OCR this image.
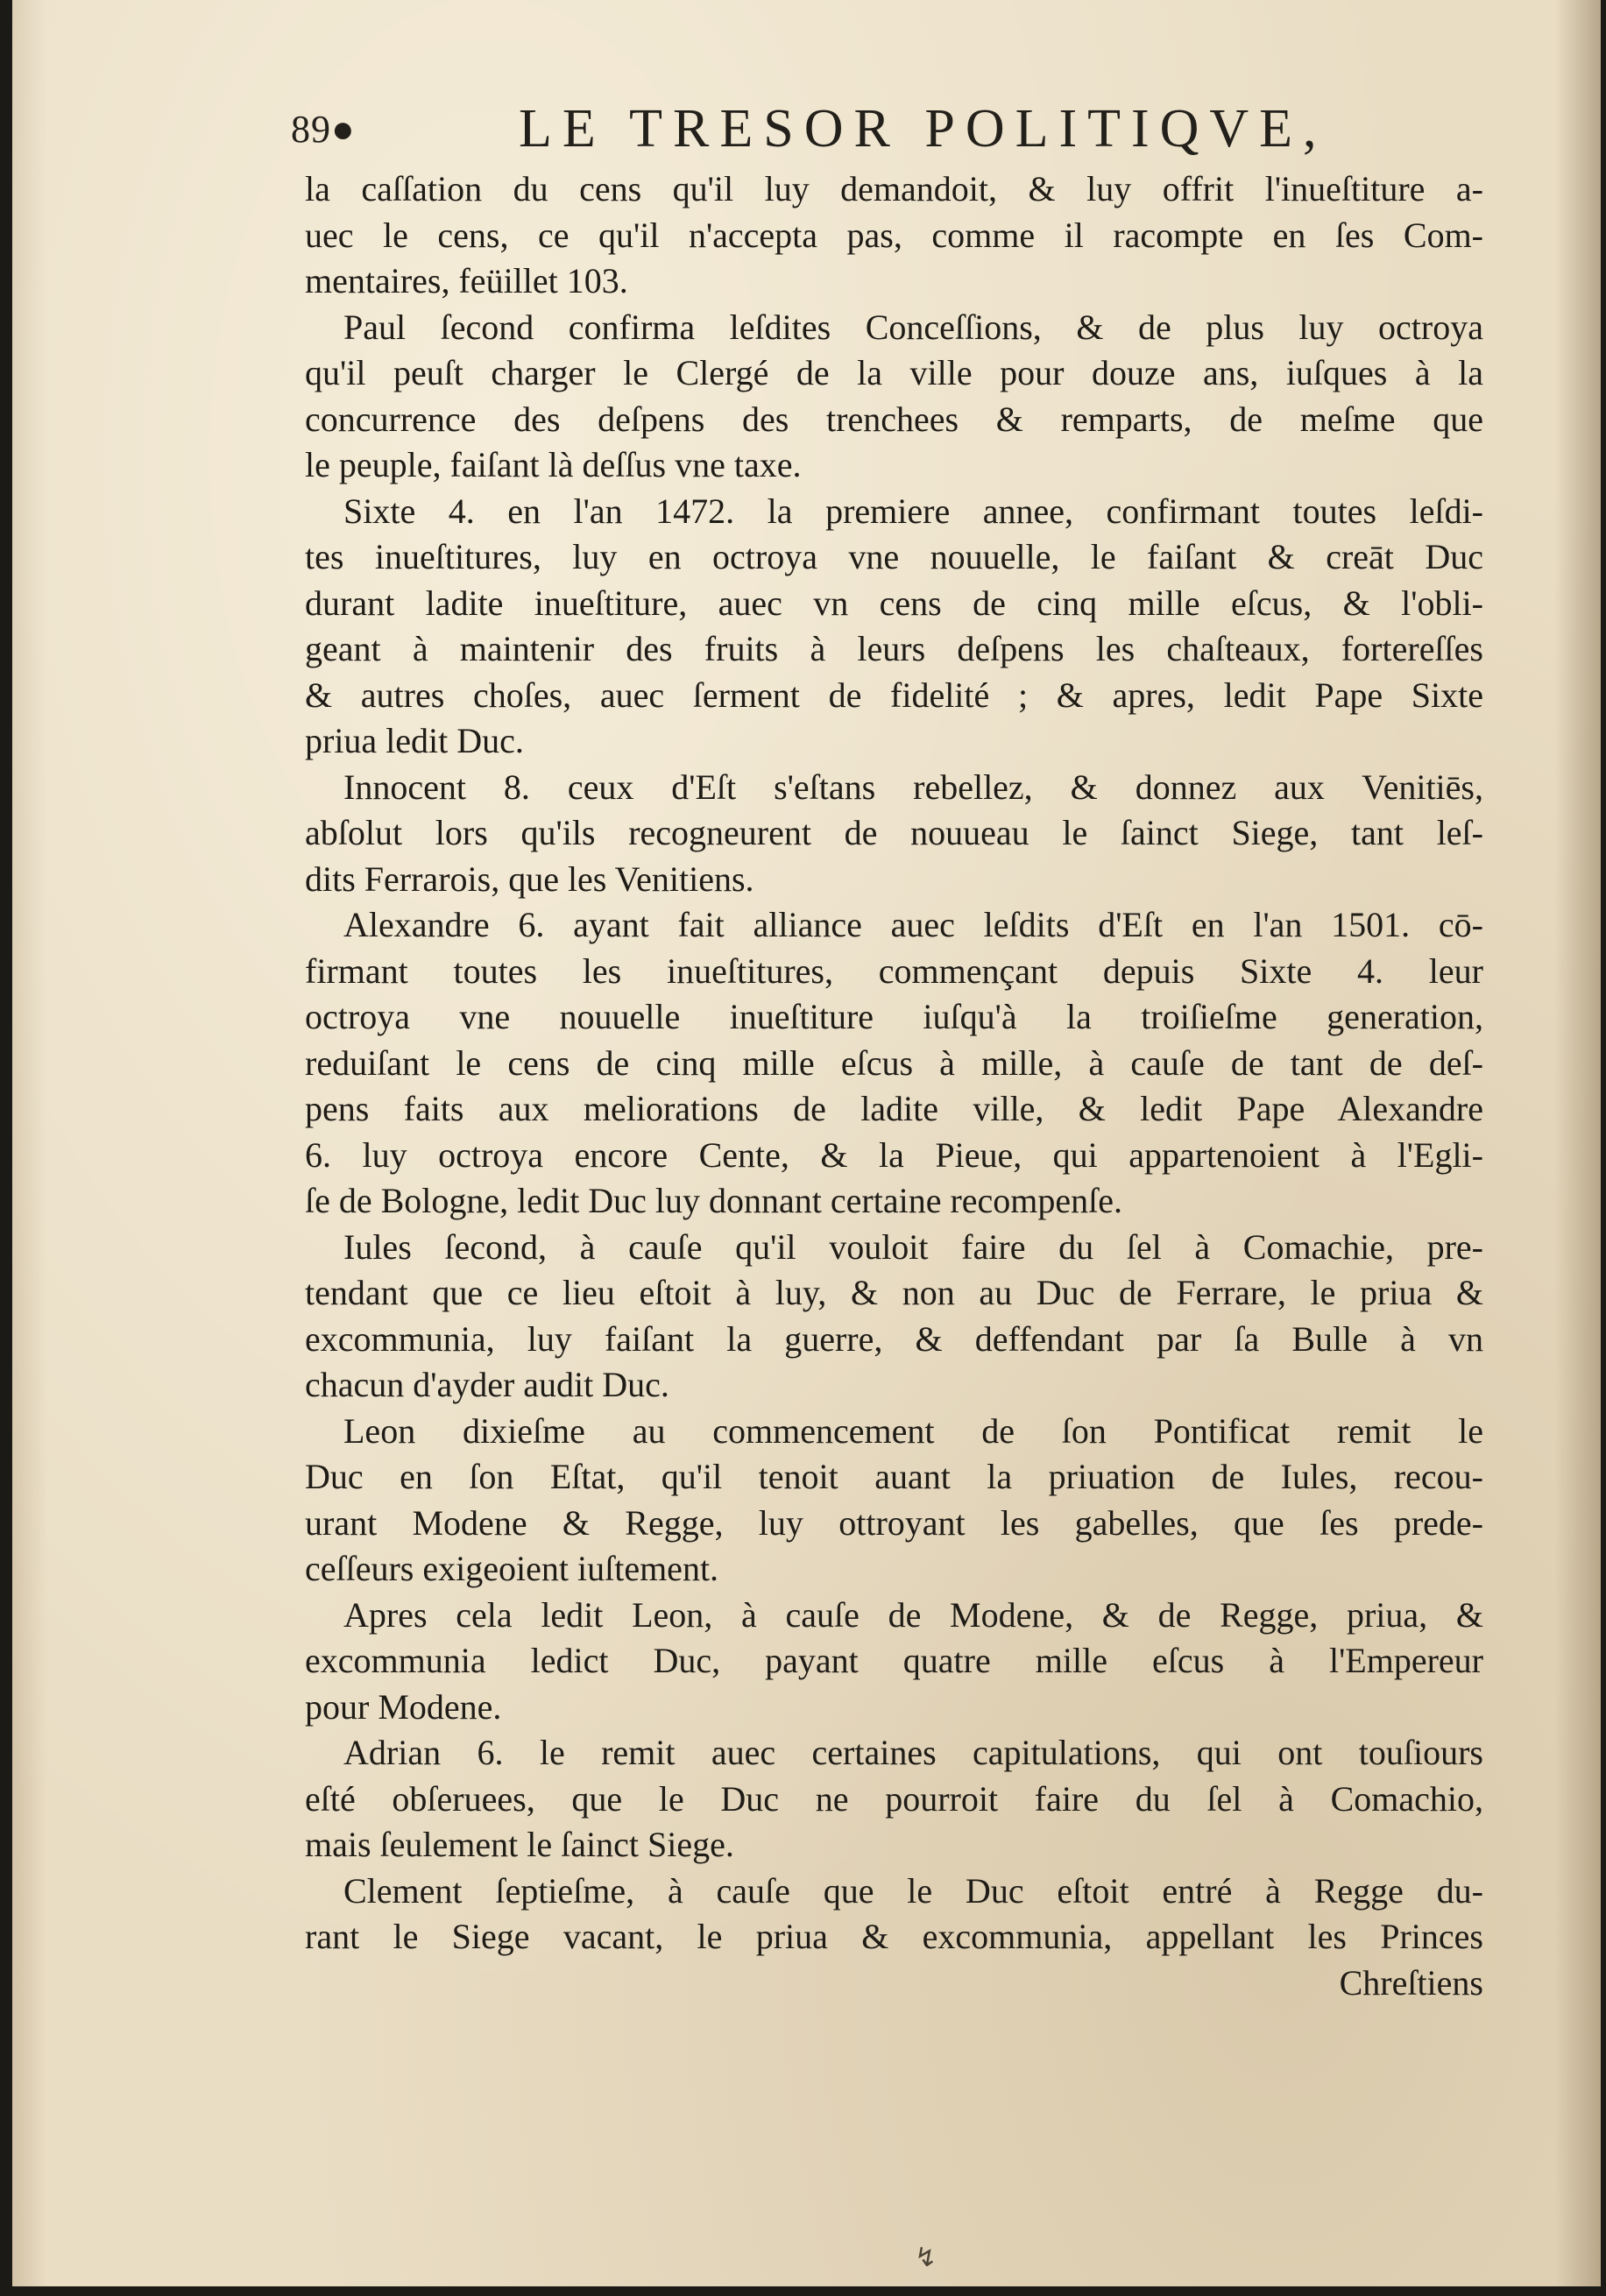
89●	LE TRESOR POLITIQVE,
la caſſation du cens qu'il luy demandoit, & luy offrit l'inueſtiture a-
uec le cens, ce qu'il n'accepta pas, comme il racompte en ſes Com-
mentaires, feüillet 103.
Paul ſecond confirma leſdites Conceſſions, & de plus luy octroya
qu'il peuſt charger le Clergé de la ville pour douze ans, iuſques à la
concurrence des deſpens des trenchees & remparts, de meſme que
le peuple, faiſant là deſſus vne taxe.
Sixte 4. en l'an 1472. la premiere annee, confirmant toutes leſdi-
tes inueſtitures, luy en octroya vne nouuelle, le faiſant & creāt Duc
durant ladite inueſtiture, auec vn cens de cinq mille eſcus, & l'obli-
geant à maintenir des fruits à leurs deſpens les chaſteaux, fortereſſes
& autres choſes, auec ſerment de fidelité ; & apres, ledit Pape Sixte
priua ledit Duc.
Innocent 8. ceux d'Eſt s'eſtans rebellez, & donnez aux Venitiēs,
abſolut lors qu'ils recogneurent de nouueau le ſainct Siege, tant leſ-
dits Ferrarois, que les Venitiens.
Alexandre 6. ayant fait alliance auec leſdits d'Eſt en l'an 1501. cō-
firmant toutes les inueſtitures, commençant depuis Sixte 4. leur
octroya vne nouuelle inueſtiture iuſqu'à la troiſieſme generation,
reduiſant le cens de cinq mille eſcus à mille, à cauſe de tant de deſ-
pens faits aux meliorations de ladite ville, & ledit Pape Alexandre
6. luy octroya encore Cente, & la Pieue, qui appartenoient à l'Egli-
ſe de Bologne, ledit Duc luy donnant certaine recompenſe.
Iules ſecond, à cauſe qu'il vouloit faire du ſel à Comachie, pre-
tendant que ce lieu eſtoit à luy, & non au Duc de Ferrare, le priua &
excommunia, luy faiſant la guerre, & deffendant par ſa Bulle à vn
chacun d'ayder audit Duc.
Leon dixieſme au commencement de ſon Pontificat remit le
Duc en ſon Eſtat, qu'il tenoit auant la priuation de Iules, recou-
urant Modene & Regge, luy ottroyant les gabelles, que ſes prede-
ceſſeurs exigeoient iuſtement.
Apres cela ledit Leon, à cauſe de Modene, & de Regge, priua, &
excommunia ledict Duc, payant quatre mille eſcus à l'Empereur
pour Modene.
Adrian 6. le remit auec certaines capitulations, qui ont touſiours
eſté obſeruees, que le Duc ne pourroit faire du ſel à Comachio,
mais ſeulement le ſainct Siege.
Clement ſeptieſme, à cauſe que le Duc eſtoit entré à Regge du-
rant le Siege vacant, le priua & excommunia, appellant les Princes
Chreſtiens
↯
